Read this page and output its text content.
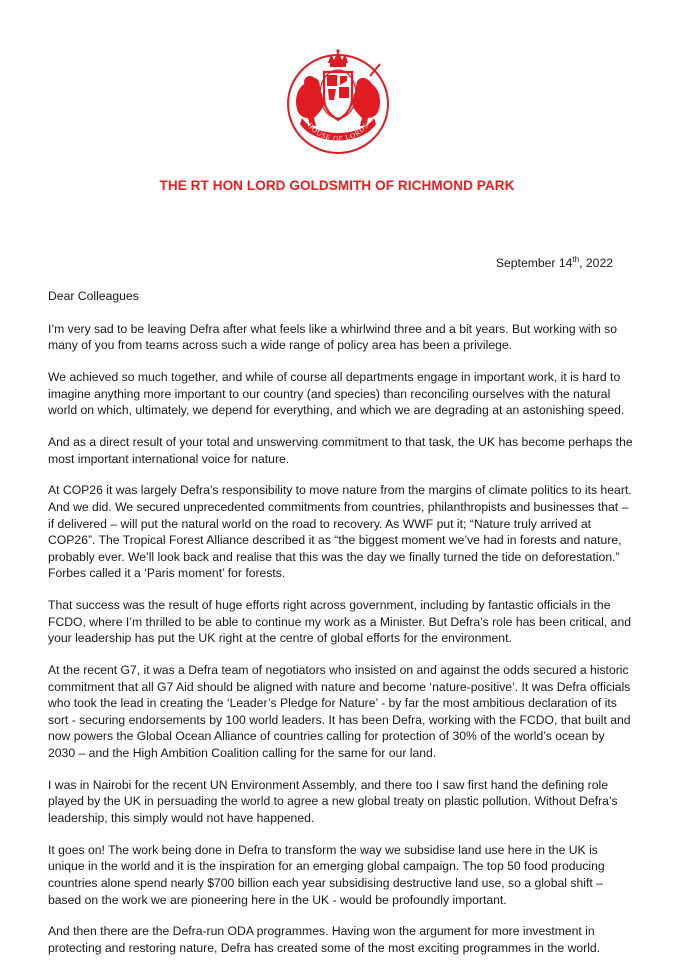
HOUSE OF LORDS
THE RT HON LORD GOLDSMITH OF RICHMOND PARK
September 14th, 2022

Dear Colleagues

I’m very sad to be leaving Defra after what feels like a whirlwind three and a bit years. But working with so many of you from teams across such a wide range of policy area has been a privilege.

We achieved so much together, and while of course all departments engage in important work, it is hard to imagine anything more important to our country (and species) than reconciling ourselves with the natural world on which, ultimately, we depend for everything, and which we are degrading at an astonishing speed.

And as a direct result of your total and unswerving commitment to that task, the UK has become perhaps the most important international voice for nature.

At COP26 it was largely Defra’s responsibility to move nature from the margins of climate politics to its heart. And we did. We secured unprecedented commitments from countries, philanthropists and businesses that – if delivered – will put the natural world on the road to recovery. As WWF put it; “Nature truly arrived at COP26”. The Tropical Forest Alliance described it as “the biggest moment we’ve had in forests and nature, probably ever. We’ll look back and realise that this was the day we finally turned the tide on deforestation.” Forbes called it a ‘Paris moment’ for forests.

That success was the result of huge efforts right across government, including by fantastic officials in the FCDO, where I’m thrilled to be able to continue my work as a Minister. But Defra’s role has been critical, and your leadership has put the UK right at the centre of global efforts for the environment.

At the recent G7, it was a Defra team of negotiators who insisted on and against the odds secured a historic commitment that all G7 Aid should be aligned with nature and become ‘nature-positive’. It was Defra officials who took the lead in creating the ‘Leader’s Pledge for Nature’ - by far the most ambitious declaration of its sort - securing endorsements by 100 world leaders. It has been Defra, working with the FCDO, that built and now powers the Global Ocean Alliance of countries calling for protection of 30% of the world’s ocean by 2030 – and the High Ambition Coalition calling for the same for our land.

I was in Nairobi for the recent UN Environment Assembly, and there too I saw first hand the defining role played by the UK in persuading the world to agree a new global treaty on plastic pollution. Without Defra’s leadership, this simply would not have happened.

It goes on! The work being done in Defra to transform the way we subsidise land use here in the UK is unique in the world and it is the inspiration for an emerging global campaign. The top 50 food producing countries alone spend nearly $700 billion each year subsidising destructive land use, so a global shift – based on the work we are pioneering here in the UK - would be profoundly important.

And then there are the Defra-run ODA programmes. Having won the argument for more investment in protecting and restoring nature, Defra has created some of the most exciting programmes in the world.
